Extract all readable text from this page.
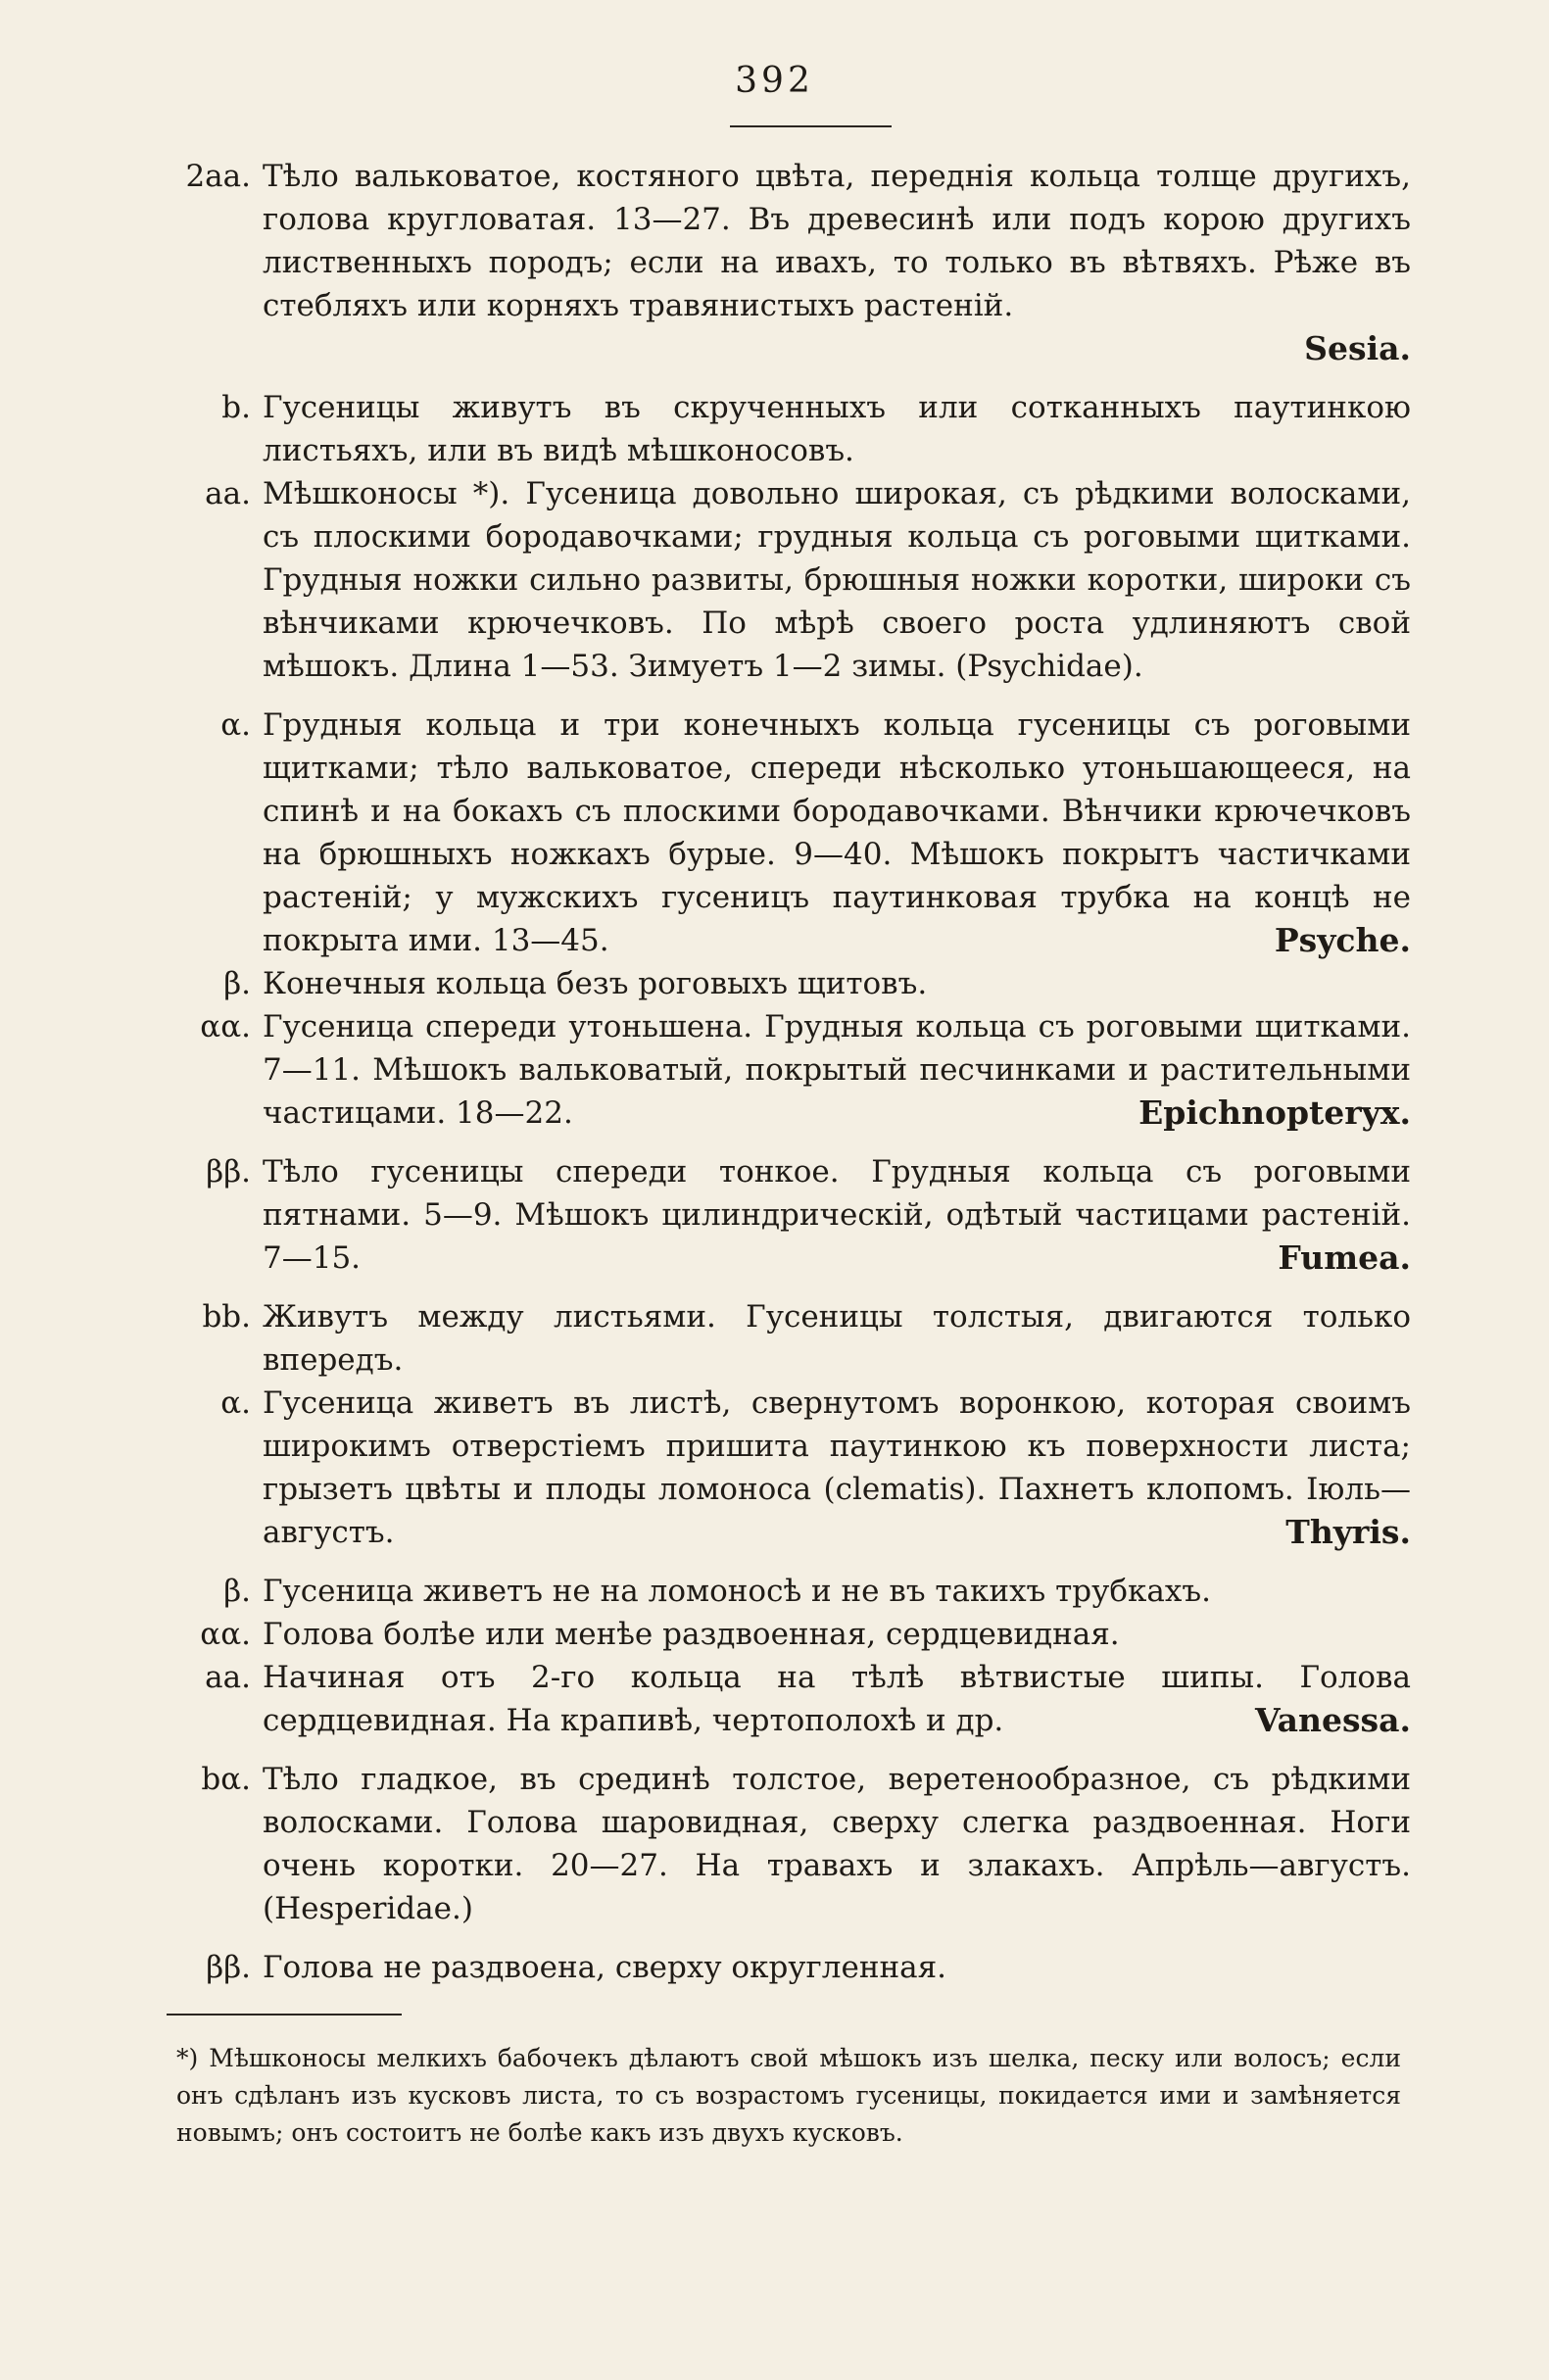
392
2аа. Тѣло вальковатое, костяного цвѣта, переднія кольца толще другихъ, голова кругловатая. 13—27. Въ древесинѣ или подъ корою другихъ лиственныхъ породъ; если на ивахъ, то только въ вѣтвяхъ. Рѣже въ стебляхъ или корняхъ травянистыхъ растеній.
Sesia.
b. Гусеницы живутъ въ скрученныхъ или сотканныхъ паутинкою листьяхъ, или въ видѣ мѣшконосовъ.
аа. Мѣшконосы *). Гусеница довольно широкая, съ рѣдкими волосками, съ плоскими бородавочками; грудныя кольца съ роговыми щитками. Грудныя ножки сильно развиты, брюшныя ножки коротки, широки съ вѣнчиками крючечковъ. По мѣрѣ своего роста удлиняютъ свой мѣшокъ. Длина 1—53. Зимуетъ 1—2 зимы. (Psychidae).
α. Грудныя кольца и три конечныхъ кольца гусеницы съ роговыми щитками; тѣло вальковатое, спереди нѣсколько утоньшающееся, на спинѣ и на бокахъ съ плоскими бородавочками. Вѣнчики крючечковъ на брюшныхъ ножкахъ бурые. 9—40. Мѣшокъ покрытъ частичками растеній; у мужскихъ гусеницъ паутинковая трубка на концѣ не покрыта ими. 13—45.	Psyche.
β. Конечныя кольца безъ роговыхъ щитовъ.
αα. Гусеница спереди утоньшена. Грудныя кольца съ роговыми щитками. 7—11. Мѣшокъ вальковатый, покрытый песчинками и растительными частицами. 18—22.	Epichnopteryx.
ββ. Тѣло гусеницы спереди тонкое. Грудныя кольца съ роговыми пятнами. 5—9. Мѣшокъ цилиндрическій, одѣтый частицами растеній. 7—15.	Fumea.
bb. Живутъ между листьями. Гусеницы толстыя, двигаются только впередъ.
α. Гусеница живетъ въ листѣ, свернутомъ воронкою, которая своимъ широкимъ отверстіемъ пришита паутинкою къ поверхности листа; грызетъ цвѣты и плоды ломоноса (clematis). Пахнетъ клопомъ. Іюль—августъ.	Thyris.
β. Гусеница живетъ не на ломоносѣ и не въ такихъ трубкахъ.
αα. Голова болѣе или менѣе раздвоенная, сердцевидная.
аа. Начиная отъ 2-го кольца на тѣлѣ вѣтвистые шипы. Голова сердцевидная. На крапивѣ, чертополохѣ и др.	Vanessa.
bα. Тѣло гладкое, въ срединѣ толстое, веретенообразное, съ рѣдкими волосками. Голова шаровидная, сверху слегка раздвоенная. Ноги очень коротки. 20—27. На травахъ и злакахъ. Апрѣль—августъ. (Hesperidae.)
ββ. Голова не раздвоена, сверху округленная.
*) Мѣшконосы мелкихъ бабочекъ дѣлаютъ свой мѣшокъ изъ шелка, песку или волосъ; если онъ сдѣланъ изъ кусковъ листа, то съ возрастомъ гусеницы, покидается ими и замѣняется новымъ; онъ состоитъ не болѣе какъ изъ двухъ кусковъ.
